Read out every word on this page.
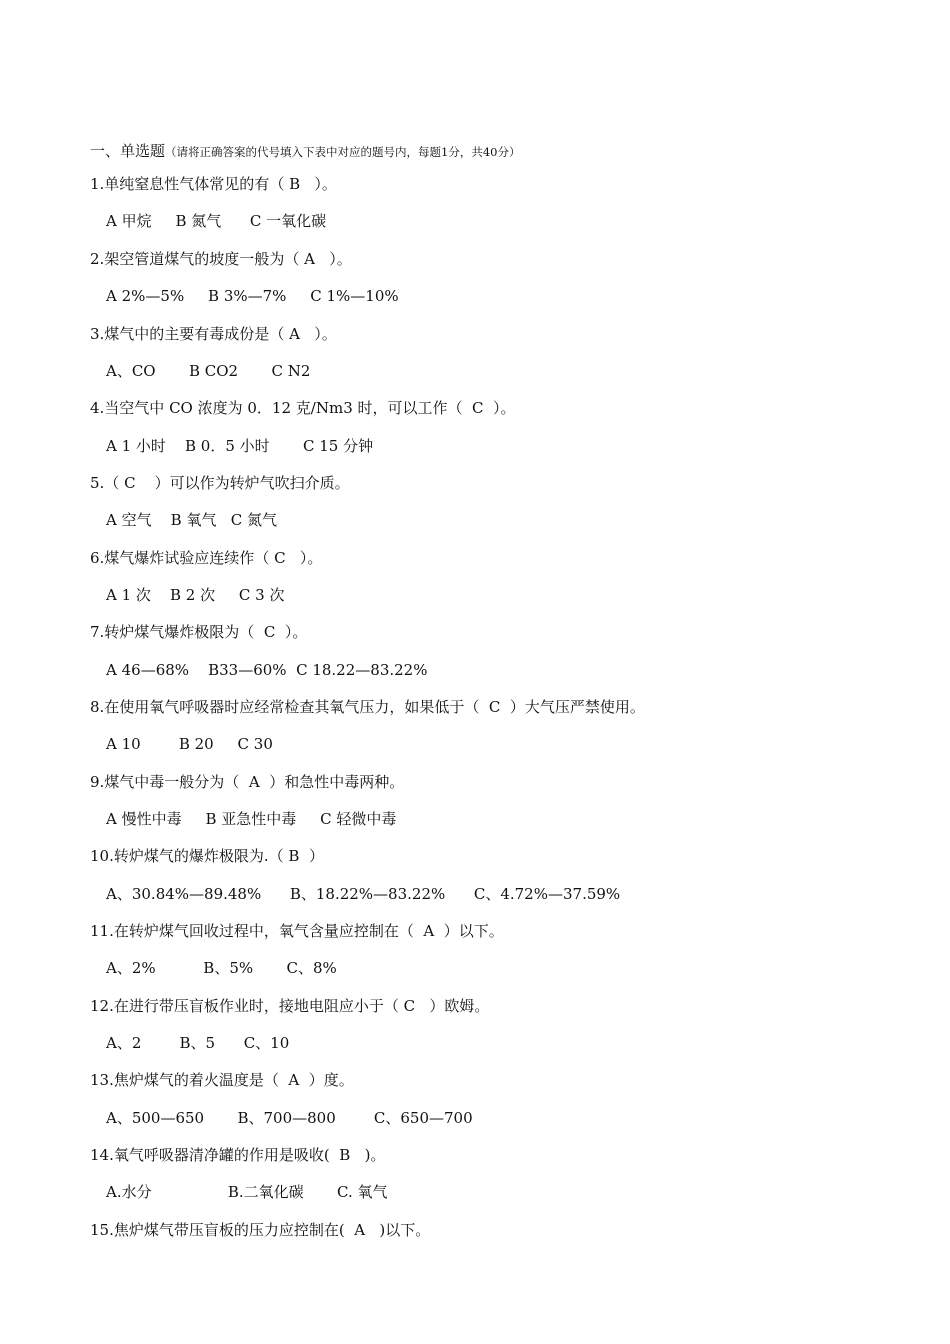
一、单选题（请将正确答案的代号填入下表中对应的题号内，每题1分，共40分）
1.单纯窒息性气体常见的有（ B   ）。
A 甲烷     B 氮气      C 一氧化碳
2.架空管道煤气的坡度一般为（ A   ）。
A 2%—5%     B 3%—7%     C 1%—10%
3.煤气中的主要有毒成份是（ A   ）。
A、CO       B CO2       C N2
4.当空气中 CO 浓度为 0．12 克/Nm3 时，可以工作（  C  ）。
A 1 小时    B 0．5 小时       C 15 分钟
5.（ C    ）可以作为转炉气吹扫介质。
A 空气    B 氧气   C 氮气
6.煤气爆炸试验应连续作（ C   ）。
A 1 次    B 2 次     C 3 次
7.转炉煤气爆炸极限为（  C  ）。
A 46—68%    B33—60%  C 18.22—83.22%
8.在使用氧气呼吸器时应经常检查其氧气压力，如果低于（  C  ）大气压严禁使用。
A 10        B 20     C 30
9.煤气中毒一般分为（  A  ）和急性中毒两种。
A 慢性中毒     B 亚急性中毒     C 轻微中毒
10.转炉煤气的爆炸极限为.（ B  ）
A、30.84%—89.48%      B、18.22%—83.22%      C、4.72%—37.59%
11.在转炉煤气回收过程中，氧气含量应控制在（  A  ）以下。
A、2%          B、5%       C、8%
12.在进行带压盲板作业时，接地电阻应小于（ C   ）欧姆。
A、2        B、5      C、10
13.焦炉煤气的着火温度是（  A  ）度。
A、500—650       B、700—800        C、650—700
14.氧气呼吸器清净罐的作用是吸收(  B   )。
A.水分                B.二氧化碳       C. 氧气
15.焦炉煤气带压盲板的压力应控制在(  A   )以下。
